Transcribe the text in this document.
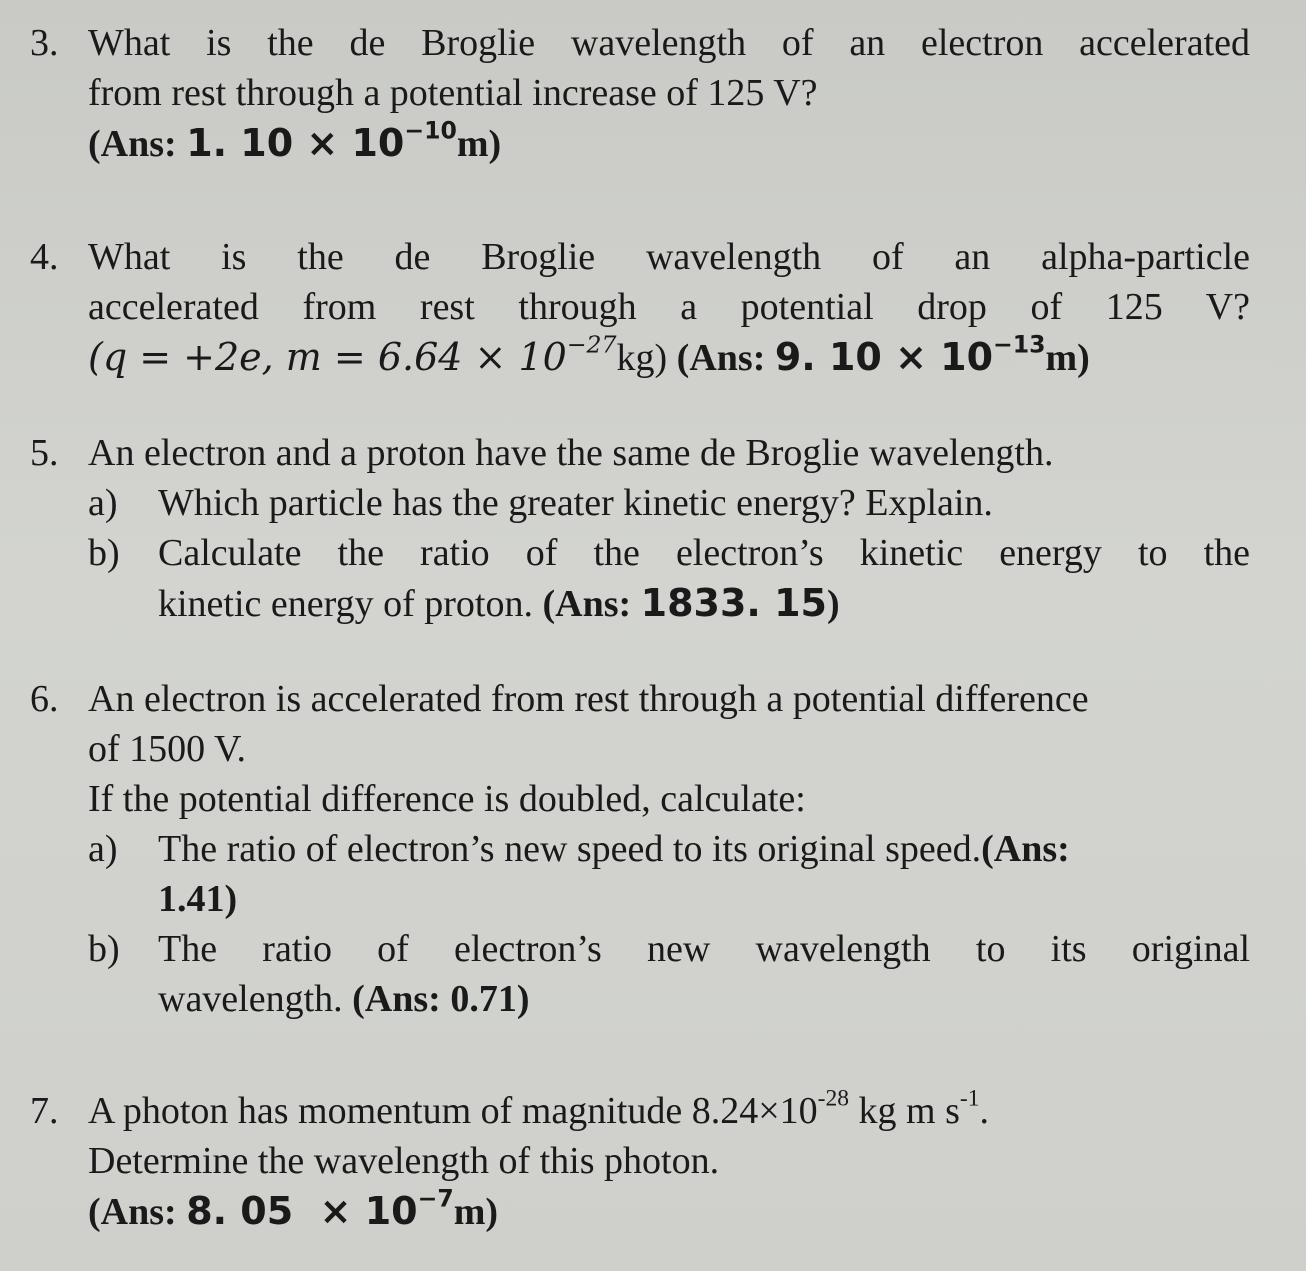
3. What is the de Broglie wavelength of an electron accelerated
from rest through a potential increase of 125 V?
(Ans: 1. $10 \times 10^{-10}m$)
4. What is the de Broglie wavelength of an alpha-particle
accelerated from rest through a potential drop of 125 V?
(q = +2e, $m = 6.64 \times 10^{-27}kg$) (Ans: 9. $10 \times 10^{-13}m$)
5. An electron and a proton have the same de Broglie wavelength.
a)	Which particle has the greater kinetic energy? Explain.
b)	Calculate the ratio of the electron’s kinetic energy to the
kinetic energy of proton. (Ans: 1833. 15)
6. An electron is accelerated from rest through a potential difference
of 1500 V.
If the potential difference is doubled, calculate:
a)	The ratio of electron’s new speed to its original speed. (Ans:
1.41)
b)	The ratio of electron’s new wavelength to its original
wavelength. (Ans: 0.71)
7. A photon has momentum of magnitude $8.24\times 10^{-28}$ kg m $s^{-1}$.
Determine the wavelength of this photon.
(Ans: 8. $05 \times 10^{-7}m$)
